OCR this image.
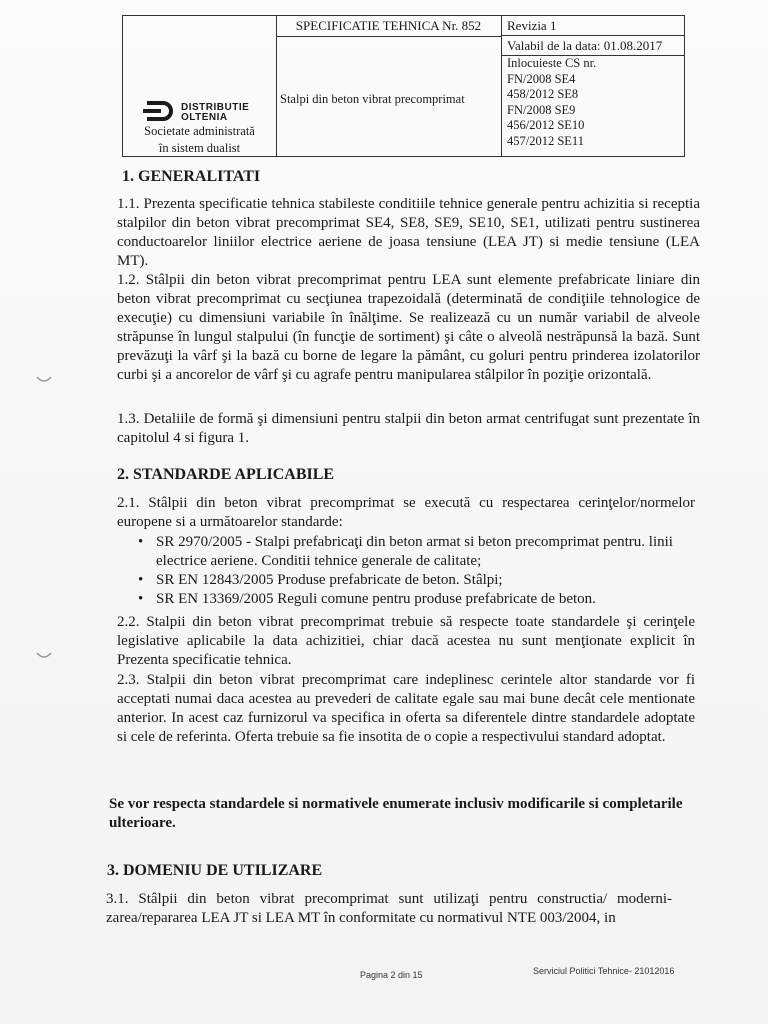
DISTRIBUTIE
OLTENIA
Societate administrată
în sistem dualist
SPECIFICATIE TEHNICA Nr. 852
Stalpi din beton vibrat precomprimat
Revizia 1
Valabil de la data: 01.08.2017
Inlocuieste CS nr.
FN/2008 SE4
458/2012 SE8
FN/2008 SE9
456/2012 SE10
457/2012 SE11
1. GENERALITATI

1.1. Prezenta specificatie tehnica stabileste conditiile tehnice generale pentru achizitia si receptia stalpilor din beton vibrat precomprimat SE4, SE8, SE9, SE10, SE1, utilizati pentru sustinerea conductoarelor liniilor electrice aeriene de joasa tensiune (LEA JT) si medie tensiune (LEA MT).

1.2. Stâlpii din beton vibrat precomprimat pentru LEA sunt elemente prefabricate liniare din beton vibrat precomprimat cu secţiunea trapezoidală (determinată de condiţiile tehnologice de execuţie) cu dimensiuni variabile în înălţime. Se realizează cu un număr variabil de alveole străpunse în lungul stalpului (în funcţie de sortiment) şi câte o alveolă nestrăpunsă la bază. Sunt prevăzuţi la vârf şi la bază cu borne de legare la pământ, cu goluri pentru prinderea izolatorilor curbi şi a ancorelor de vârf şi cu agrafe pentru manipularea stâlpilor în poziţie orizontală.

1.3. Detaliile de formă şi dimensiuni pentru stalpii din beton armat centrifugat sunt prezentate în capitolul 4 si figura 1.

2. STANDARDE APLICABILE

2.1. Stâlpii din beton vibrat precomprimat se execută cu respectarea cerinţelor/normelor europene si a următoarelor standarde:

• SR 2970/2005 - Stalpi prefabricaţi din beton armat si beton precomprimat pentru. linii electrice aeriene. Conditii tehnice generale de calitate;
• SR EN 12843/2005 Produse prefabricate de beton. Stâlpi;
• SR EN 13369/2005 Reguli comune pentru produse prefabricate de beton.

2.2. Stalpii din beton vibrat precomprimat trebuie să respecte toate standardele şi cerinţele legislative aplicabile la data achizitiei, chiar dacă acestea nu sunt menţionate explicit în Prezenta specificatie tehnica.

2.3. Stalpii din beton vibrat precomprimat care indeplinesc cerintele altor standarde vor fi acceptati numai daca acestea au prevederi de calitate egale sau mai bune decât cele mentionate anterior. In acest caz furnizorul va specifica in oferta sa diferentele dintre standardele adoptate si cele de referinta. Oferta trebuie sa fie insotita de o copie a respectivului standard adoptat.

Se vor respecta standardele si normativele enumerate inclusiv modificarile si completarile ulterioare.

3. DOMENIU DE UTILIZARE

3.1. Stâlpii din beton vibrat precomprimat sunt utilizaţi pentru constructia/ moderni-zarea/repararea LEA JT si LEA MT în conformitate cu normativul NTE 003/2004, in

Pagina 2 din 15	Serviciul Politici Tehnice- 21012016
